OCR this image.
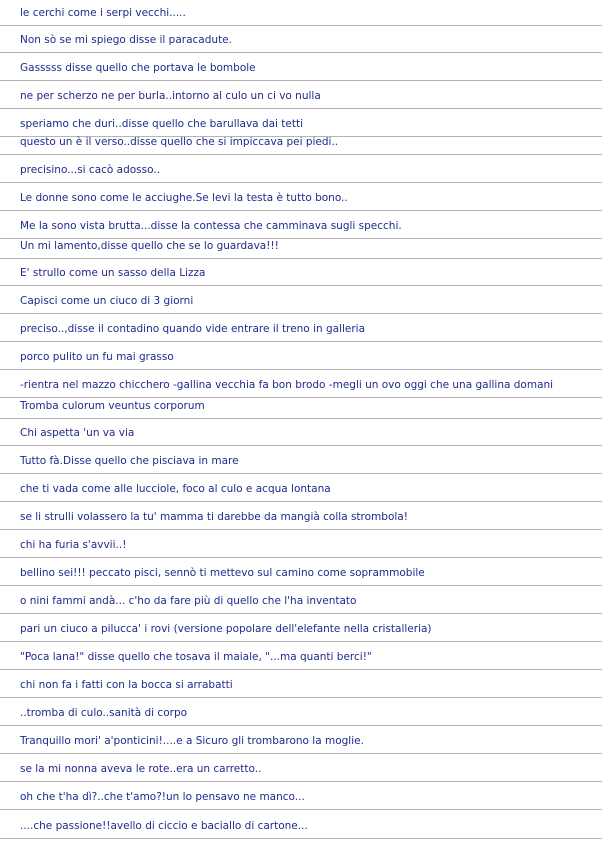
le cerchi come i serpi vecchi.....
Non sò se mi spiego disse il paracadute.
Gasssss disse quello che portava le bombole
ne per scherzo ne per burla..intorno al culo un ci vo nulla
speriamo che duri..disse quello che barullava dai tetti
questo un è il verso..disse quello che si impiccava pei piedi..
precisino...si cacò adosso..
Le donne sono come le acciughe.Se levi la testa è tutto bono..
Me la sono vista brutta...disse la contessa che camminava sugli specchi.
Un mi lamento,disse quello che se lo guardava!!!
E' strullo come un sasso della Lizza
Capisci come un ciuco di 3 giorni
preciso..,disse il contadino quando vide entrare il treno in galleria
porco pulito un fu mai grasso
-rientra nel mazzo chicchero -gallina vecchia fa bon brodo -megli un ovo oggi che una gallina domani
Tromba culorum veuntus corporum
Chi aspetta 'un va via
Tutto fà.Disse quello che pisciava in mare
che ti vada come alle lucciole, foco al culo e acqua lontana
se li strulli volassero la tu' mamma ti darebbe da mangià colla strombola!
chi ha furia s'avvii..!
bellino sei!!! peccato pisci, sennò ti mettevo sul camino come soprammobile
o nini fammi andà... c'ho da fare più di quello che l'ha inventato
pari un ciuco a pilucca' i rovi (versione popolare dell'elefante nella cristalleria)
"Poca lana!" disse quello che tosava il maiale, "...ma quanti berci!"
chi non fa i fatti con la bocca si arrabatti
..tromba di culo..sanità di corpo
Tranquillo mori' a'ponticini!....e a Sicuro gli trombarono la moglie.
se la mi nonna aveva le rote..era un carretto..
oh che t'ha dì?..che t'amo?!un lo pensavo ne manco...
....che passione!!avello di ciccio e baciallo di cartone...
